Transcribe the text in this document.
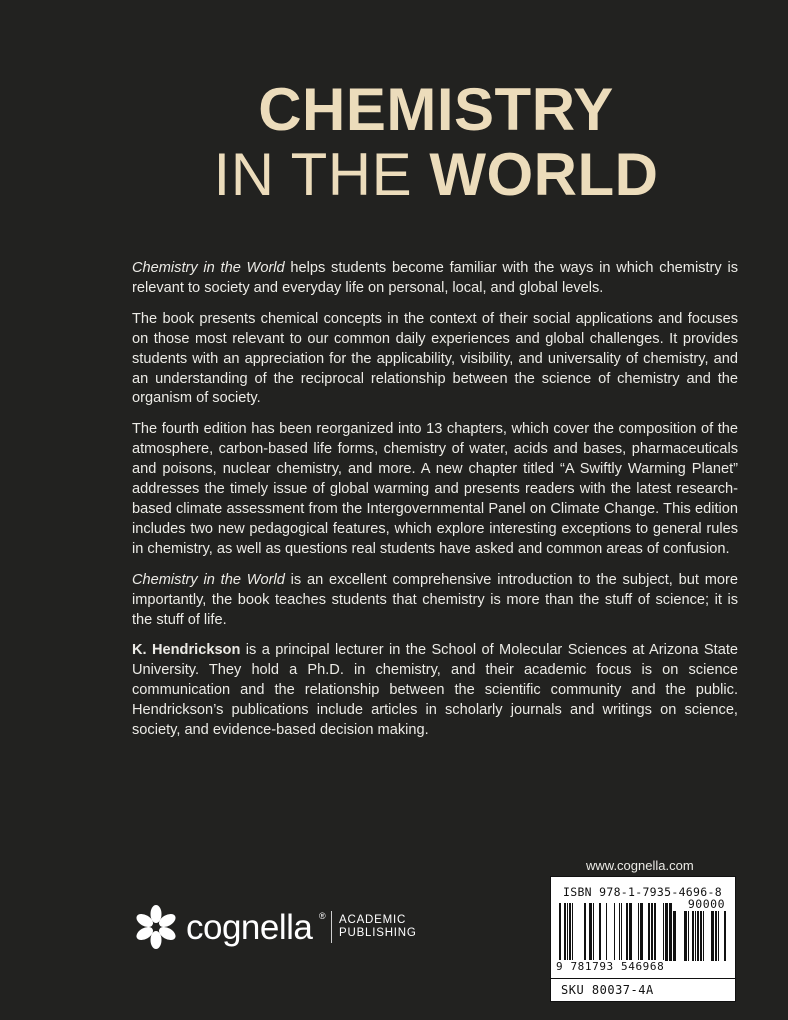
CHEMISTRY
IN THE WORLD

Chemistry in the World helps students become familiar with the ways in which chemistry is relevant to society and everyday life on personal, local, and global levels.

The book presents chemical concepts in the context of their social applications and focuses on those most relevant to our common daily experiences and global challenges. It provides students with an appreciation for the applicability, visibility, and universality of chemistry, and an understanding of the reciprocal relationship between the science of chemistry and the organism of society.

The fourth edition has been reorganized into 13 chapters, which cover the composition of the atmosphere, carbon-based life forms, chemistry of water, acids and bases, pharmaceuticals and poisons, nuclear chemistry, and more. A new chapter titled “A Swiftly Warming Planet” addresses the timely issue of global warming and presents readers with the latest research-based climate assessment from the Intergovernmental Panel on Climate Change. This edition includes two new pedagogical features, which explore interesting exceptions to general rules in chemistry, as well as questions real students have asked and common areas of confusion.

Chemistry in the World is an excellent comprehensive introduction to the subject, but more importantly, the book teaches students that chemistry is more than the stuff of science; it is the stuff of life.

K. Hendrickson is a principal lecturer in the School of Molecular Sciences at Arizona State University. They hold a Ph.D. in chemistry, and their academic focus is on science communication and the relationship between the scientific community and the public. Hendrickson’s publications include articles in scholarly journals and writings on science, society, and evidence-based decision making.

www.cognella.com
cognella ® ACADEMIC
PUBLISHING
ISBN 978-1-7935-4696-8
90000
9 781793 546968
SKU 80037-4A
